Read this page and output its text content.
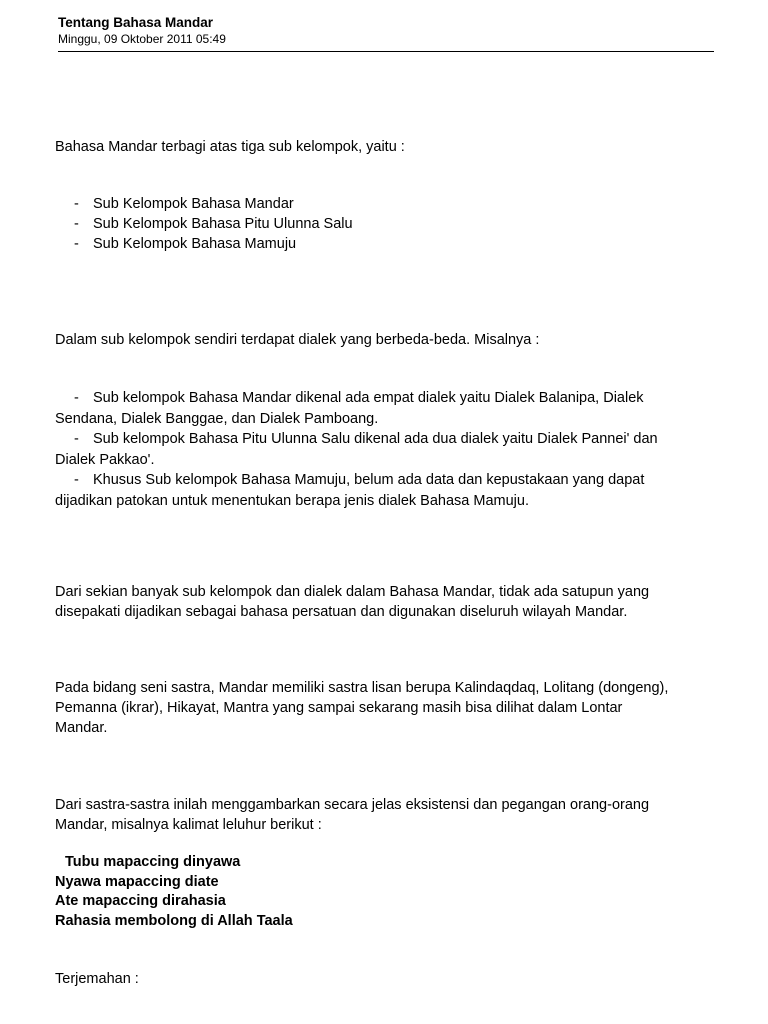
Tentang Bahasa Mandar

Minggu, 09 Oktober 2011 05:49

Bahasa Mandar terbagi atas tiga sub kelompok, yaitu :

- Sub Kelompok Bahasa Mandar
- Sub Kelompok Bahasa Pitu Ulunna Salu
- Sub Kelompok Bahasa Mamuju

Dalam sub kelompok sendiri terdapat dialek yang berbeda-beda. Misalnya :

- Sub kelompok Bahasa Mandar dikenal ada empat dialek yaitu Dialek Balanipa, Dialek

Sendana, Dialek Banggae, dan Dialek Pamboang.

- Sub kelompok Bahasa Pitu Ulunna Salu dikenal ada dua dialek yaitu Dialek Pannei' dan

Dialek Pakkao'.

- Khusus Sub kelompok Bahasa Mamuju, belum ada data dan kepustakaan yang dapat

dijadikan patokan untuk menentukan berapa jenis dialek Bahasa Mamuju.

Dari sekian banyak sub kelompok dan dialek dalam Bahasa Mandar, tidak ada satupun yang
disepakati dijadikan sebagai bahasa persatuan dan digunakan diseluruh wilayah Mandar.
Pada bidang seni sastra, Mandar memiliki sastra lisan berupa Kalindaqdaq, Lolitang (dongeng),
Pemanna (ikrar), Hikayat, Mantra yang sampai sekarang masih bisa dilihat dalam Lontar
Mandar.
Dari sastra-sastra inilah menggambarkan secara jelas eksistensi dan pegangan orang-orang
Mandar, misalnya kalimat leluhur berikut :

Tubu mapaccing dinyawa

Nyawa mapaccing diate

Ate mapaccing dirahasia

Rahasia membolong di Allah Taala

Terjemahan :
